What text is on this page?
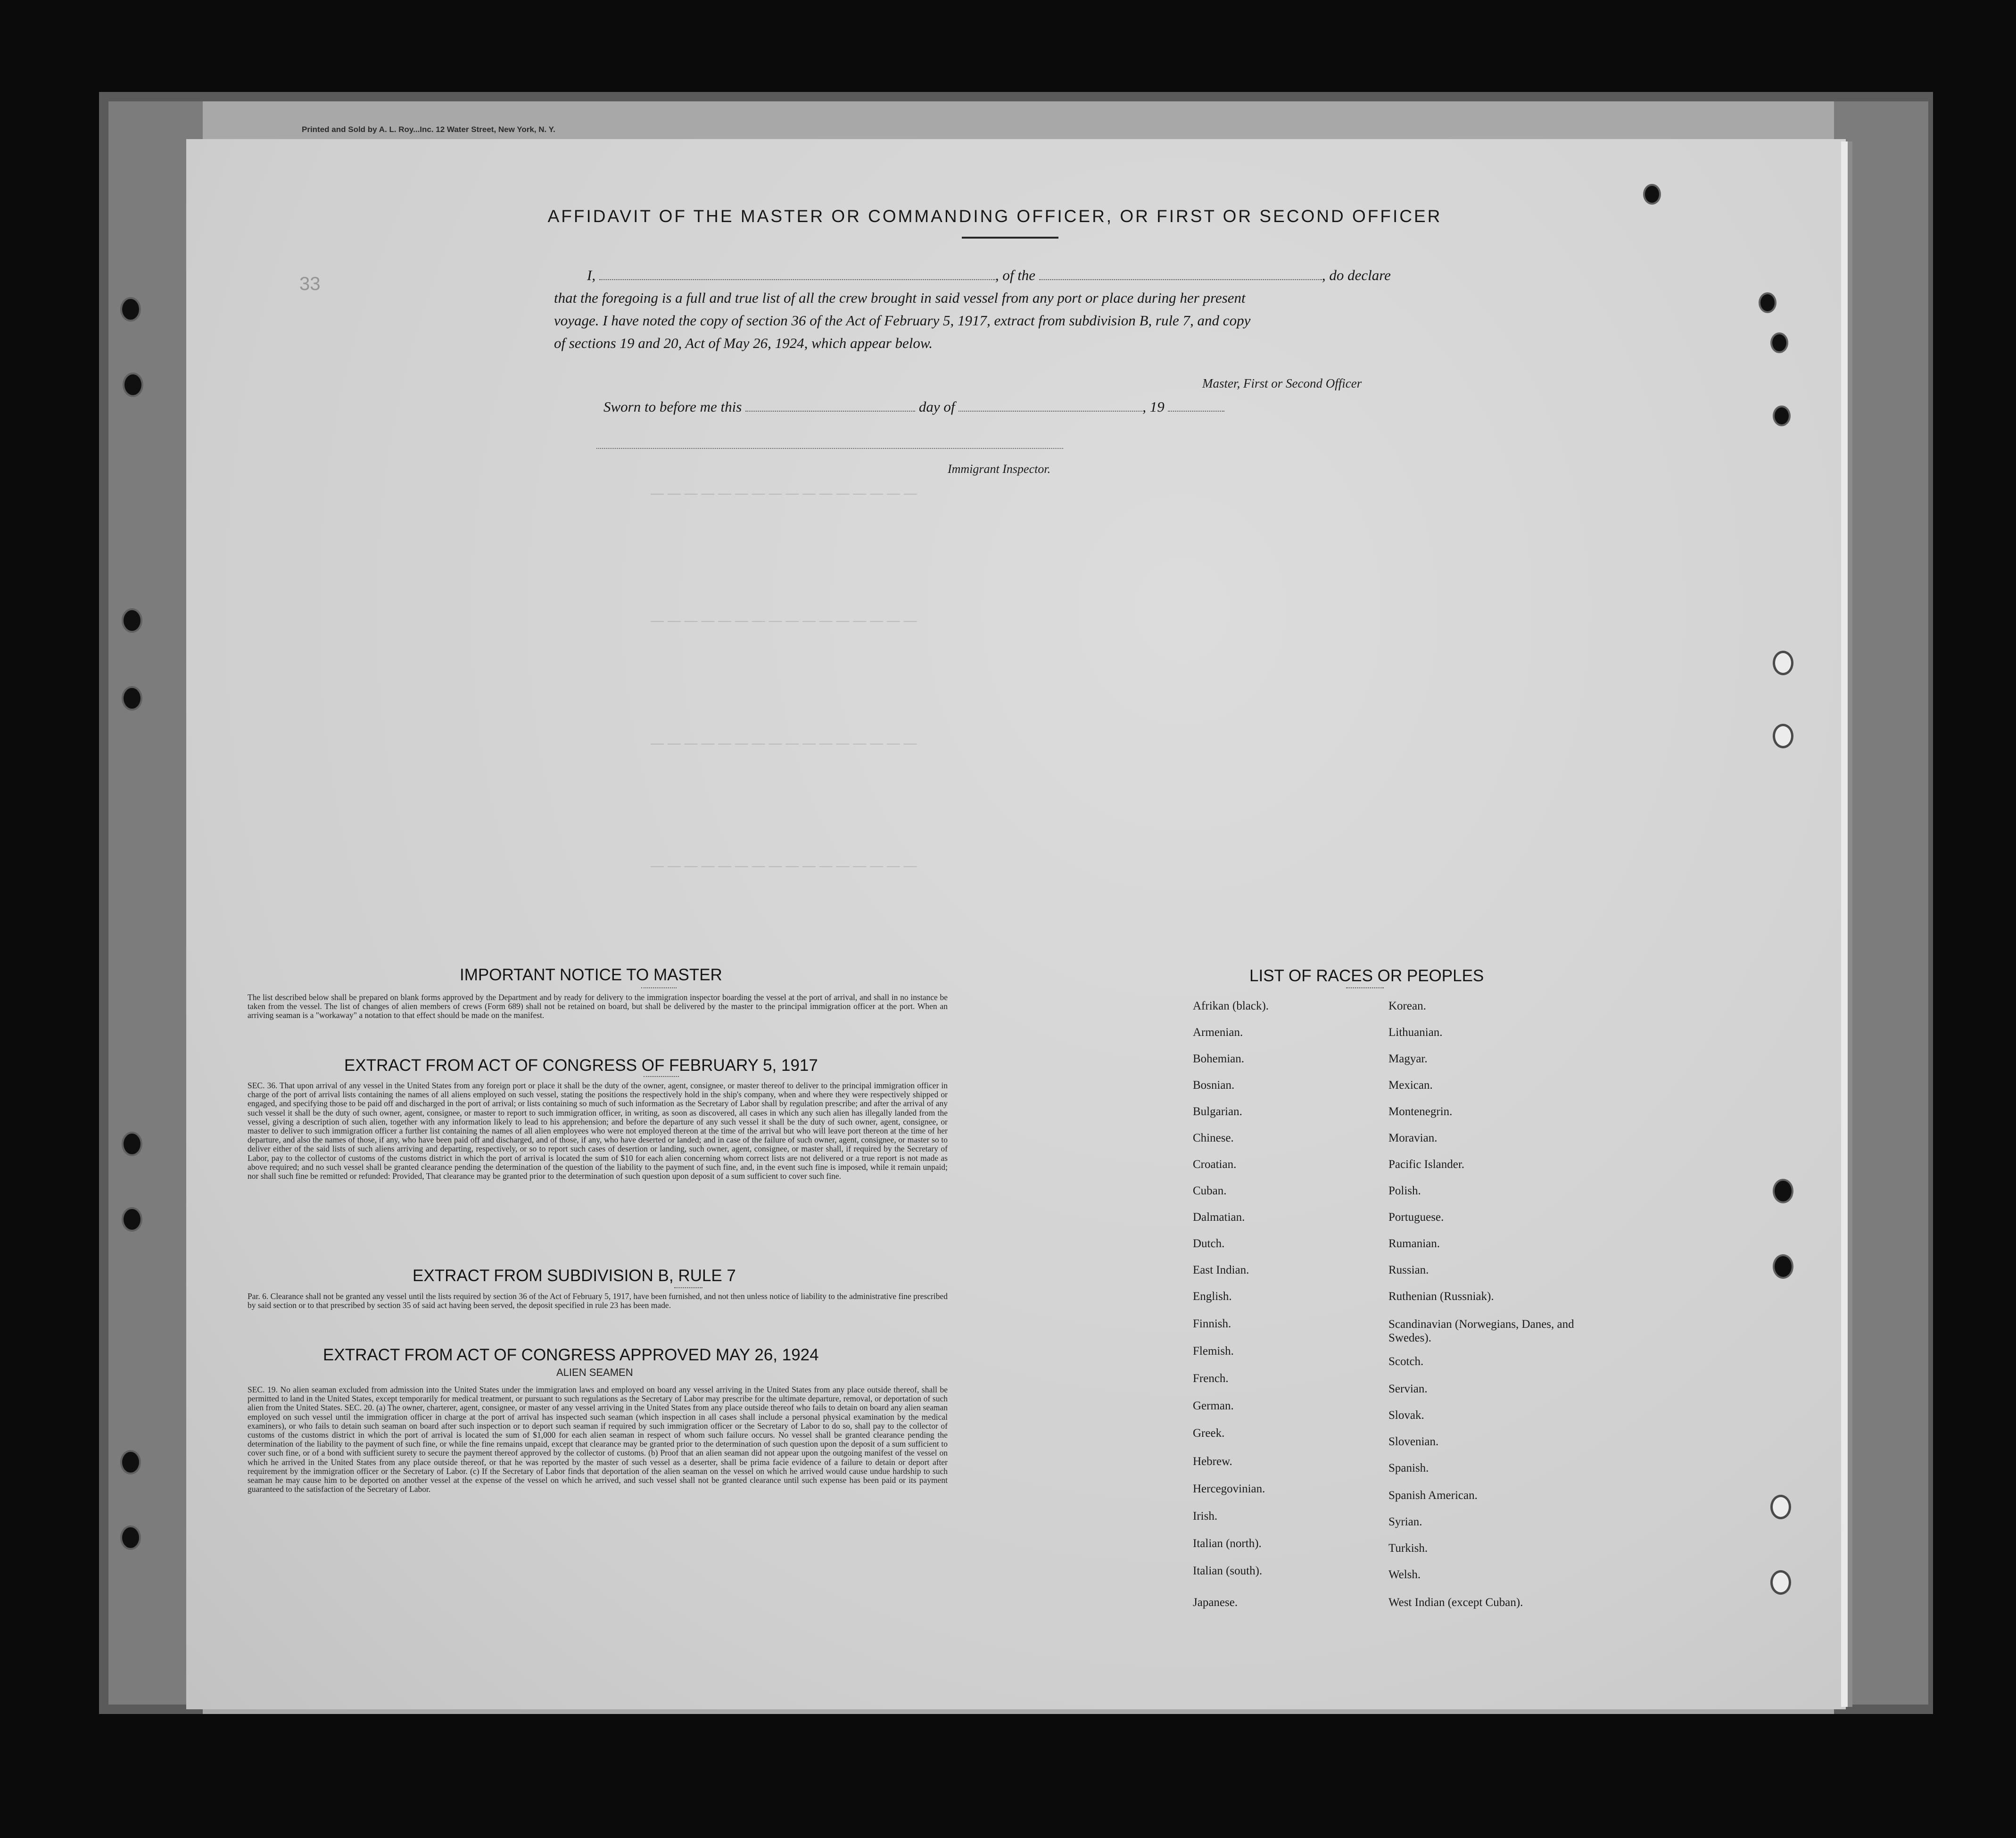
Printed and Sold by A. L. Roy...Inc. 12 Water Street, New York, N. Y.
— — — — — — — — — — — — — — — —
— — — — — — — — — — — — — — — —
— — — — — — — — — — — — — — — —
— — — — — — — — — — — — — — — —
33
AFFIDAVIT OF THE MASTER OR COMMANDING OFFICER, OR FIRST OR SECOND OFFICER
I,	, of the	, do declare
that the foregoing is a full and true list of all the crew brought in said vessel from any port or place during her present
voyage. I have noted the copy of section 36 of the Act of February 5, 1917, extract from subdivision B, rule 7, and copy
of sections 19 and 20, Act of May 26, 1924, which appear below.
Master, First or Second Officer
Sworn to before me this	day of	, 19
Immigrant Inspector.
IMPORTANT NOTICE TO MASTER
The list described below shall be prepared on blank forms approved by the Department and by ready for delivery to the immigration inspector boarding the vessel at the port of arrival, and shall in no instance be taken from the vessel. The list of changes of alien members of crews (Form 689) shall not be retained on board, but shall be delivered by the master to the principal immigration officer at the port. When an arriving seaman is a "workaway" a notation to that effect should be made on the manifest.
EXTRACT FROM ACT OF CONGRESS OF FEBRUARY 5, 1917
SEC. 36. That upon arrival of any vessel in the United States from any foreign port or place it shall be the duty of the owner, agent, consignee, or master thereof to deliver to the principal immigration officer in charge of the port of arrival lists containing the names of all aliens employed on such vessel, stating the positions the respectively hold in the ship's company, when and where they were respectively shipped or engaged, and specifying those to be paid off and discharged in the port of arrival; or lists containing so much of such information as the Secretary of Labor shall by regulation prescribe; and after the arrival of any such vessel it shall be the duty of such owner, agent, consignee, or master to report to such immigration officer, in writing, as soon as discovered, all cases in which any such alien has illegally landed from the vessel, giving a description of such alien, together with any information likely to lead to his apprehension; and before the departure of any such vessel it shall be the duty of such owner, agent, consignee, or master to deliver to such immigration officer a further list containing the names of all alien employees who were not employed thereon at the time of the arrival but who will leave port thereon at the time of her departure, and also the names of those, if any, who have been paid off and discharged, and of those, if any, who have deserted or landed; and in case of the failure of such owner, agent, consignee, or master so to deliver either of the said lists of such aliens arriving and departing, respectively, or so to report such cases of desertion or landing, such owner, agent, consignee, or master shall, if required by the Secretary of Labor, pay to the collector of customs of the customs district in which the port of arrival is located the sum of $10 for each alien concerning whom correct lists are not delivered or a true report is not made as above required; and no such vessel shall be granted clearance pending the determination of the question of the liability to the payment of such fine, and, in the event such fine is imposed, while it remain unpaid; nor shall such fine be remitted or refunded: Provided, That clearance may be granted prior to the determination of such question upon deposit of a sum sufficient to cover such fine.
EXTRACT FROM SUBDIVISION B, RULE 7
Par. 6. Clearance shall not be granted any vessel until the lists required by section 36 of the Act of February 5, 1917, have been furnished, and not then unless notice of liability to the administrative fine prescribed by said section or to that prescribed by section 35 of said act having been served, the deposit specified in rule 23 has been made.
EXTRACT FROM ACT OF CONGRESS APPROVED MAY 26, 1924
ALIEN SEAMEN
SEC. 19. No alien seaman excluded from admission into the United States under the immigration laws and employed on board any vessel arriving in the United States from any place outside thereof, shall be permitted to land in the United States, except temporarily for medical treatment, or pursuant to such regulations as the Secretary of Labor may prescribe for the ultimate departure, removal, or deportation of such alien from the United States. SEC. 20. (a) The owner, charterer, agent, consignee, or master of any vessel arriving in the United States from any place outside thereof who fails to detain on board any alien seaman employed on such vessel until the immigration officer in charge at the port of arrival has inspected such seaman (which inspection in all cases shall include a personal physical examination by the medical examiners), or who fails to detain such seaman on board after such inspection or to deport such seaman if required by such immigration officer or the Secretary of Labor to do so, shall pay to the collector of customs of the customs district in which the port of arrival is located the sum of $1,000 for each alien seaman in respect of whom such failure occurs. No vessel shall be granted clearance pending the determination of the liability to the payment of such fine, or while the fine remains unpaid, except that clearance may be granted prior to the determination of such question upon the deposit of a sum sufficient to cover such fine, or of a bond with sufficient surety to secure the payment thereof approved by the collector of customs. (b) Proof that an alien seaman did not appear upon the outgoing manifest of the vessel on which he arrived in the United States from any place outside thereof, or that he was reported by the master of such vessel as a deserter, shall be prima facie evidence of a failure to detain or deport after requirement by the immigration officer or the Secretary of Labor. (c) If the Secretary of Labor finds that deportation of the alien seaman on the vessel on which he arrived would cause undue hardship to such seaman he may cause him to be deported on another vessel at the expense of the vessel on which he arrived, and such vessel shall not be granted clearance until such expense has been paid or its payment guaranteed to the satisfaction of the Secretary of Labor.
LIST OF RACES OR PEOPLES
Afrikan (black).
Armenian.
Bohemian.
Bosnian.
Bulgarian.
Chinese.
Croatian.
Cuban.
Dalmatian.
Dutch.
East Indian.
English.
Finnish.
Flemish.
French.
German.
Greek.
Hebrew.
Hercegovinian.
Irish.
Italian (north).
Italian (south).
Japanese.
Korean.
Lithuanian.
Magyar.
Mexican.
Montenegrin.
Moravian.
Pacific Islander.
Polish.
Portuguese.
Rumanian.
Russian.
Ruthenian (Russniak).
Scandinavian (Norwegians, Danes, and Swedes).
Scotch.
Servian.
Slovak.
Slovenian.
Spanish.
Spanish American.
Syrian.
Turkish.
Welsh.
West Indian (except Cuban).
